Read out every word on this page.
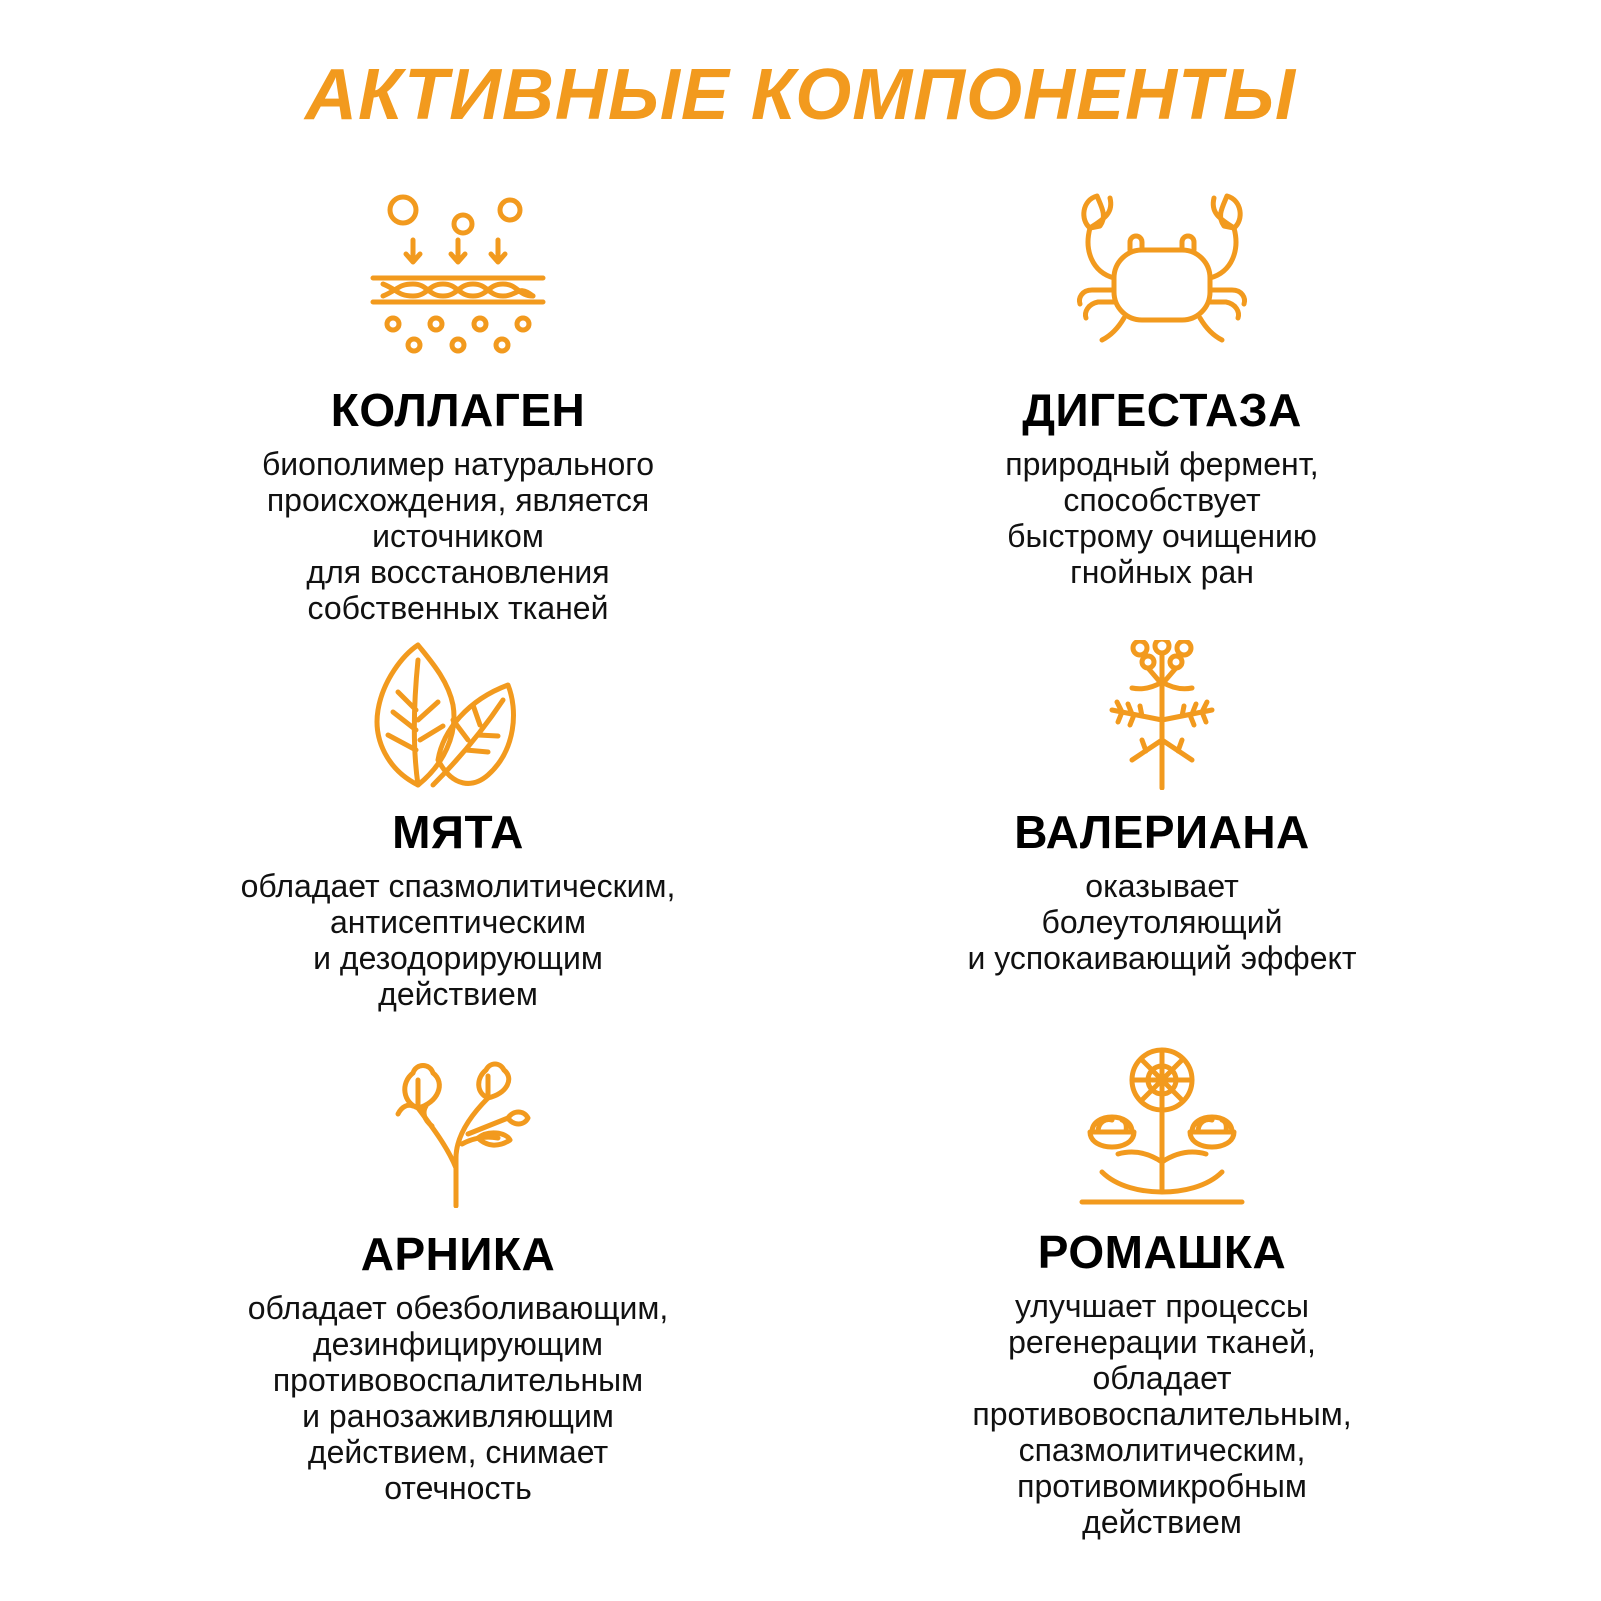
АКТИВНЫЕ КОМПОНЕНТЫ
КОЛЛАГЕН
биополимер натурального
происхождения, является
источником
для восстановления
собственных тканей
ДИГЕСТАЗА
природный фермент,
способствует
быстрому очищению
гнойных ран
МЯТА
обладает спазмолитическим,
антисептическим
и дезодорирующим
действием
ВАЛЕРИАНА
оказывает
болеутоляющий
и успокаивающий эффект
АРНИКА
обладает обезболивающим,
дезинфицирующим
противовоспалительным
и ранозаживляющим
действием, снимает
отечность
РОМАШКА
улучшает процессы
регенерации тканей,
обладает
противовоспалительным,
спазмолитическим,
противомикробным
действием
